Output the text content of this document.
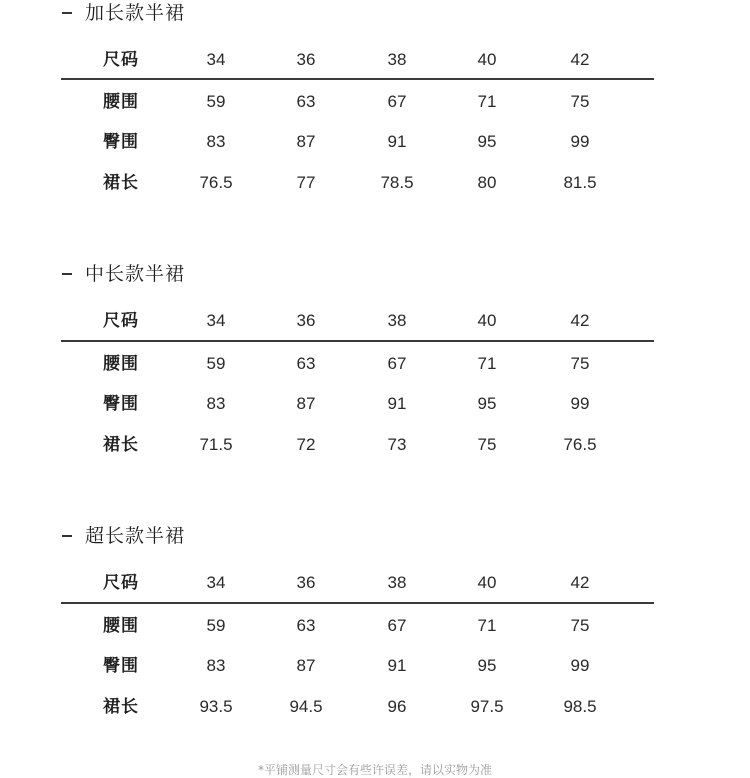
加长款半裙
尺码	34	36	38	40	42
腰围	59	63	67	71	75
臀围	83	87	91	95	99
裙长	76.5	77	78.5	80	81.5
中长款半裙
尺码	34	36	38	40	42
腰围	59	63	67	71	75
臀围	83	87	91	95	99
裙长	71.5	72	73	75	76.5
超长款半裙
尺码	34	36	38	40	42
腰围	59	63	67	71	75
臀围	83	87	91	95	99
裙长	93.5	94.5	96	97.5	98.5
*平铺测量尺寸会有些许误差，请以实物为准
